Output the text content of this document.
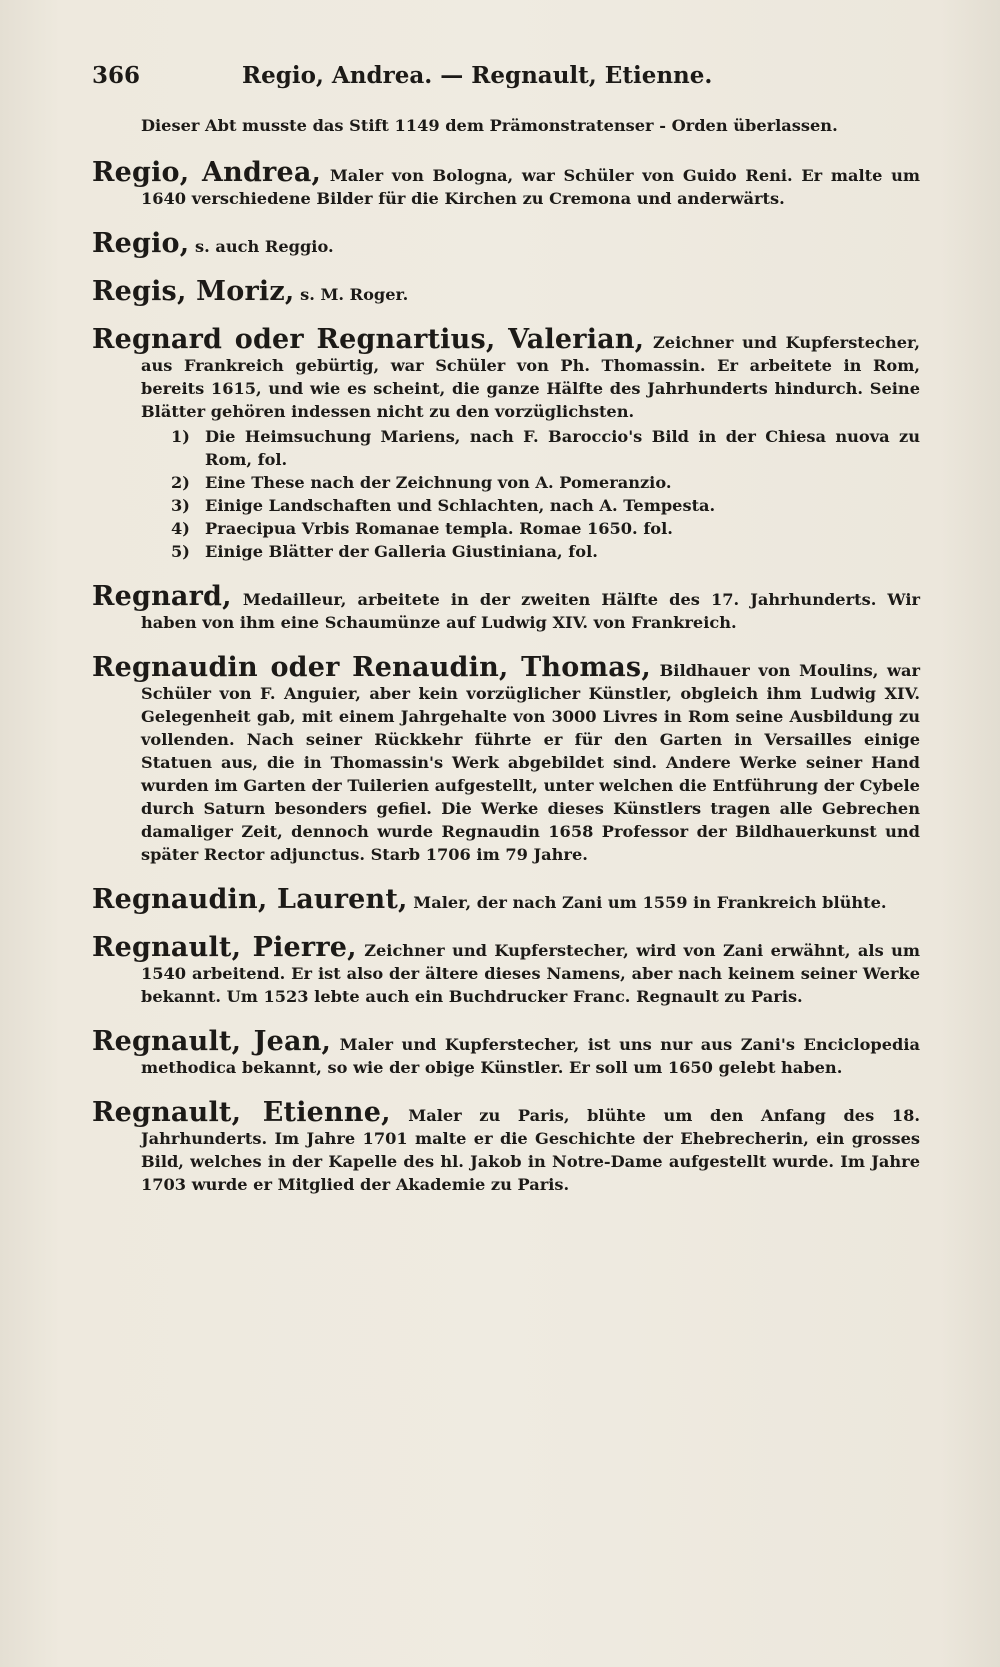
366	Regio, Andrea. — Regnault, Etienne.

Dieser Abt musste das Stift 1149 dem Prämonstratenser - Orden überlassen.

Regio, Andrea, Maler von Bologna, war Schüler von Guido Reni. Er malte um 1640 verschiedene Bilder für die Kirchen zu Cremona und anderwärts.

Regio, s. auch Reggio.

Regis, Moriz, s. M. Roger.

Regnard oder Regnartius, Valerian, Zeichner und Kupferstecher, aus Frankreich gebürtig, war Schüler von Ph. Thomassin. Er arbeitete in Rom, bereits 1615, und wie es scheint, die ganze Hälfte des Jahrhunderts hindurch. Seine Blätter gehören indessen nicht zu den vorzüglichsten.
1) Die Heimsuchung Mariens, nach F. Baroccio's Bild in der Chiesa nuova zu Rom, fol.
2) Eine These nach der Zeichnung von A. Pomeranzio.
3) Einige Landschaften und Schlachten, nach A. Tempesta.
4) Praecipua Vrbis Romanae templa. Romae 1650. fol.
5) Einige Blätter der Galleria Giustiniana, fol.

Regnard, Medailleur, arbeitete in der zweiten Hälfte des 17. Jahrhunderts. Wir haben von ihm eine Schaumünze auf Ludwig XIV. von Frankreich.

Regnaudin oder Renaudin, Thomas, Bildhauer von Moulins, war Schüler von F. Anguier, aber kein vorzüglicher Künstler, obgleich ihm Ludwig XIV. Gelegenheit gab, mit einem Jahrgehalte von 3000 Livres in Rom seine Ausbildung zu vollenden. Nach seiner Rückkehr führte er für den Garten in Versailles einige Statuen aus, die in Thomassin's Werk abgebildet sind. Andere Werke seiner Hand wurden im Garten der Tuilerien aufgestellt, unter welchen die Entführung der Cybele durch Saturn besonders gefiel. Die Werke dieses Künstlers tragen alle Gebrechen damaliger Zeit, dennoch wurde Regnaudin 1658 Professor der Bildhauerkunst und später Rector adjunctus. Starb 1706 im 79 Jahre.

Regnaudin, Laurent, Maler, der nach Zani um 1559 in Frankreich blühte.

Regnault, Pierre, Zeichner und Kupferstecher, wird von Zani erwähnt, als um 1540 arbeitend. Er ist also der ältere dieses Namens, aber nach keinem seiner Werke bekannt. Um 1523 lebte auch ein Buchdrucker Franc. Regnault zu Paris.

Regnault, Jean, Maler und Kupferstecher, ist uns nur aus Zani's Enciclopedia methodica bekannt, so wie der obige Künstler. Er soll um 1650 gelebt haben.

Regnault, Etienne, Maler zu Paris, blühte um den Anfang des 18. Jahrhunderts. Im Jahre 1701 malte er die Geschichte der Ehebrecherin, ein grosses Bild, welches in der Kapelle des hl. Jakob in Notre-Dame aufgestellt wurde. Im Jahre 1703 wurde er Mitglied der Akademie zu Paris.
